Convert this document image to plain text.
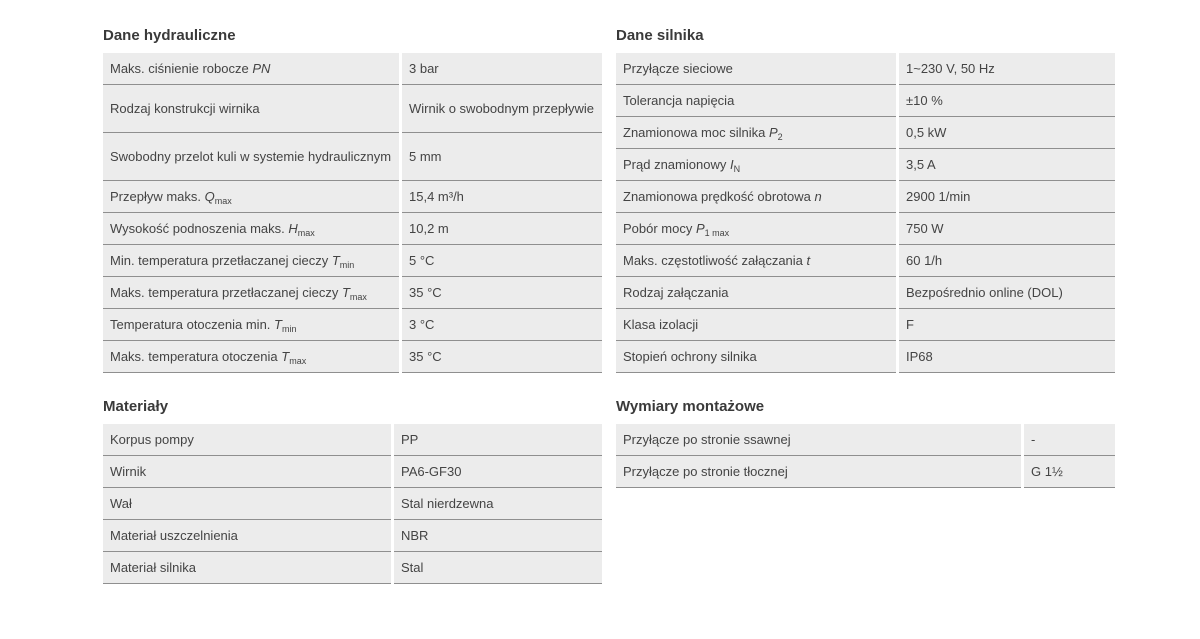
Dane hydrauliczne
Maks. ciśnienie robocze PN	3 bar
Rodzaj konstrukcji wirnika	Wirnik o swobodnym przepływie
Swobodny przelot kuli w systemie hydraulicznym	5 mm
Przepływ maks. $Q_{max}$	15,4 m³/h
Wysokość podnoszenia maks. $H_{max}$	10,2 m
Min. temperatura przetłaczanej cieczy $T_{min}$	5 °C
Maks. temperatura przetłaczanej cieczy $T_{max}$	35 °C
Temperatura otoczenia min. $T_{min}$	3 °C
Maks. temperatura otoczenia $T_{max}$	35 °C
Dane silnika
Przyłącze sieciowe	1~230 V, 50 Hz
Tolerancja napięcia	±10 %
Znamionowa moc silnika $P_2$	0,5 kW
Prąd znamionowy $I_N$	3,5 A
Znamionowa prędkość obrotowa n	2900 1/min
Pobór mocy $P_{1 max}$	750 W
Maks. częstotliwość załączania t	60 1/h
Rodzaj załączania	Bezpośrednio online (DOL)
Klasa izolacji	F
Stopień ochrony silnika	IP68
Materiały
Korpus pompy	PP
Wirnik	PA6-GF30
Wał	Stal nierdzewna
Materiał uszczelnienia	NBR
Materiał silnika	Stal
Wymiary montażowe
Przyłącze po stronie ssawnej	-
Przyłącze po stronie tłocznej	G 1½
